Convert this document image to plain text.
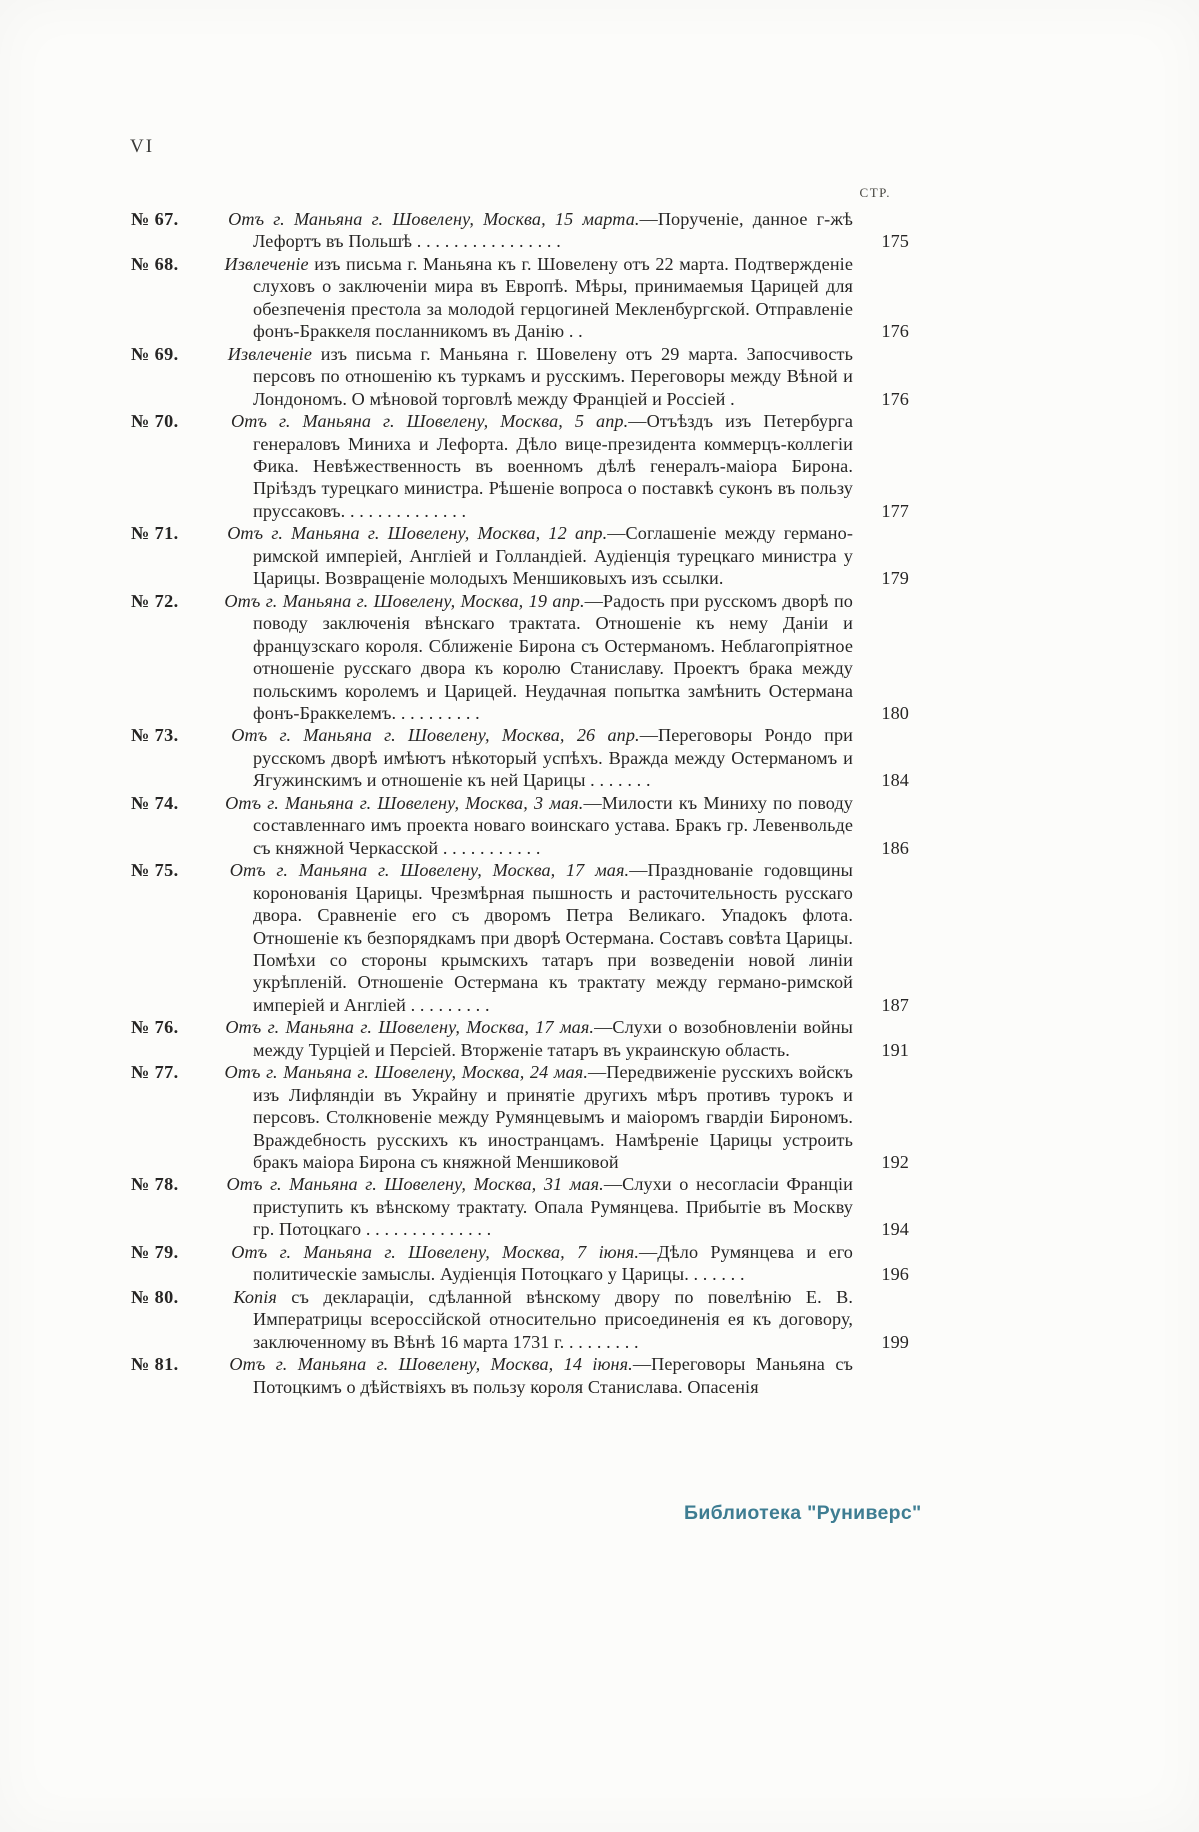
VI
СТР.

№ 67.	Отъ г. Маньяна г. Шовелену, Москва, 15 марта.—Порученіе, данное г-жѣ Лефортъ въ Польшѣ . . . . . . . . . . . . . . . .	175

№ 68.	Извлеченіе изъ письма г. Маньяна къ г. Шовелену отъ 22 марта. Подтвержденіе слуховъ о заключеніи мира въ Европѣ. Мѣры, принимаемыя Царицей для обезпеченія престола за молодой герцогиней Мекленбургской. Отправленіе фонъ-Браккеля посланникомъ въ Данію . .	176

№ 69.	Извлеченіе изъ письма г. Маньяна г. Шовелену отъ 29 марта. Запосчивость персовъ по отношенію къ туркамъ и русскимъ. Переговоры между Вѣной и Лондономъ. О мѣновой торговлѣ между Франціей и Россіей .	176

№ 70.	Отъ г. Маньяна г. Шовелену, Москва, 5 апр.—Отъѣздъ изъ Петербурга генераловъ Миниха и Лефорта. Дѣло вице-президента коммерцъ-коллегіи Фика. Невѣжественность въ военномъ дѣлѣ генералъ-маіора Бирона. Пріѣздъ турецкаго министра. Рѣшеніе вопроса о поставкѣ суконъ въ пользу пруссаковъ. . . . . . . . . . . . . .	177

№ 71.	Отъ г. Маньяна г. Шовелену, Москва, 12 апр.—Соглашеніе между германо-римской имперіей, Англіей и Голландіей. Аудіенція турецкаго министра у Царицы. Возвращеніе молодыхъ Меншиковыхъ изъ ссылки.	179

№ 72.	Отъ г. Маньяна г. Шовелену, Москва, 19 апр.—Радость при русскомъ дворѣ по поводу заключенія вѣнскаго трактата. Отношеніе къ нему Даніи и французскаго короля. Сближеніе Бирона съ Остерманомъ. Неблагопріятное отношеніе русскаго двора къ королю Станиславу. Проектъ брака между польскимъ королемъ и Царицей. Неудачная попытка замѣнить Остермана фонъ-Браккелемъ. . . . . . . . . .	180

№ 73.	Отъ г. Маньяна г. Шовелену, Москва, 26 апр.—Переговоры Рондо при русскомъ дворѣ имѣютъ нѣкоторый успѣхъ. Вражда между Остерманомъ и Ягужинскимъ и отношеніе къ ней Царицы . . . . . . .	184

№ 74.	Отъ г. Маньяна г. Шовелену, Москва, 3 мая.—Милости къ Миниху по поводу составленнаго имъ проекта новаго воинскаго устава. Бракъ гр. Левенвольде съ княжной Черкасской . . . . . . . . . . .	186

№ 75.	Отъ г. Маньяна г. Шовелену, Москва, 17 мая.—Празднованіе годовщины коронованія Царицы. Чрезмѣрная пышность и расточительность русскаго двора. Сравненіе его съ дворомъ Петра Великаго. Упадокъ флота. Отношеніе къ безпорядкамъ при дворѣ Остермана. Составъ совѣта Царицы. Помѣхи со стороны крымскихъ татаръ при возведеніи новой линіи укрѣпленій. Отношеніе Остермана къ трактату между германо-римской имперіей и Англіей . . . . . . . . .	187

№ 76.	Отъ г. Маньяна г. Шовелену, Москва, 17 мая.—Слухи о возобновленіи войны между Турціей и Персіей. Вторженіе татаръ въ украинскую область.	191

№ 77.	Отъ г. Маньяна г. Шовелену, Москва, 24 мая.—Передвиженіе русскихъ войскъ изъ Лифляндіи въ Украйну и принятіе другихъ мѣръ противъ турокъ и персовъ. Столкновеніе между Румянцевымъ и маіоромъ гвардіи Бирономъ. Враждебность русскихъ къ иностранцамъ. Намѣреніе Царицы устроить бракъ маіора Бирона съ княжной Меншиковой	192

№ 78.	Отъ г. Маньяна г. Шовелену, Москва, 31 мая.—Слухи о несогласіи Франціи приступить къ вѣнскому трактату. Опала Румянцева. Прибытіе въ Москву гр. Потоцкаго . . . . . . . . . . . . . .	194

№ 79.	Отъ г. Маньяна г. Шовелену, Москва, 7 іюня.—Дѣло Румянцева и его политическіе замыслы. Аудіенція Потоцкаго у Царицы. . . . . . .	196

№ 80.	Копія съ деклараціи, сдѣланной вѣнскому двору по повелѣнію Е. В. Императрицы всероссійской относительно присоединенія ея къ договору, заключенному въ Вѣнѣ 16 марта 1731 г. . . . . . . . .	199

№ 81.	Отъ г. Маньяна г. Шовелену, Москва, 14 іюня.—Переговоры Маньяна съ Потоцкимъ о дѣйствіяхъ въ пользу короля Станислава. Опасенія

Библиотека "Руниверс"
